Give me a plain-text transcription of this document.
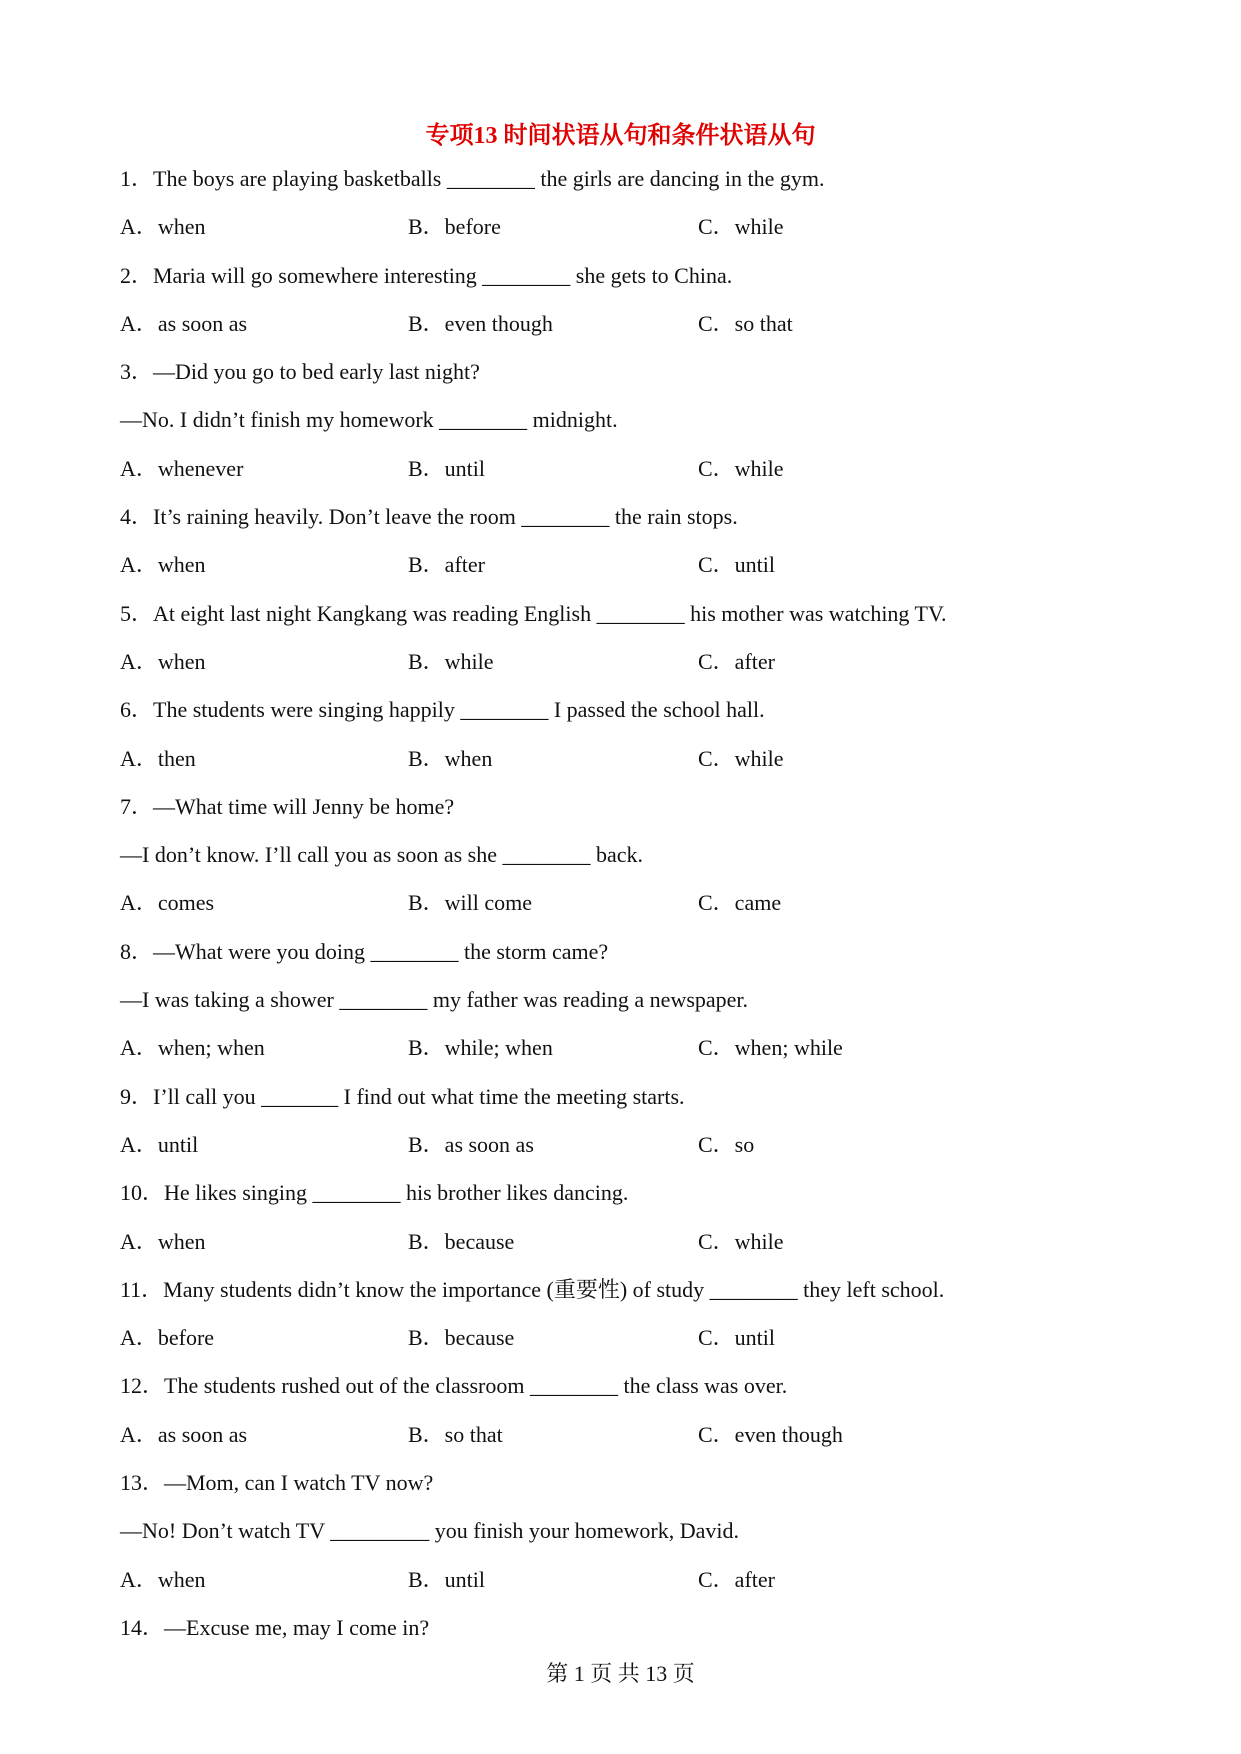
专项13 时间状语从句和条件状语从句
1．The boys are playing basketballs ________ the girls are dancing in the gym.
A．when	B．before	C．while
2．Maria will go somewhere interesting ________ she gets to China.
A．as soon as	B．even though	C．so that
3．—Did you go to bed early last night?
—No. I didn’t finish my homework ________ midnight.
A．whenever	B．until	C．while
4．It’s raining heavily. Don’t leave the room ________ the rain stops.
A．when	B．after	C．until
5．At eight last night Kangkang was reading English ________ his mother was watching TV.
A．when	B．while	C．after
6．The students were singing happily ________ I passed the school hall.
A．then	B．when	C．while
7．—What time will Jenny be home?
—I don’t know. I’ll call you as soon as she ________ back.
A．comes	B．will come	C．came
8．—What were you doing ________ the storm came?
—I was taking a shower ________ my father was reading a newspaper.
A．when; when	B．while; when	C．when; while
9．I’ll call you _______ I find out what time the meeting starts.
A．until	B．as soon as	C．so
10．He likes singing ________ his brother likes dancing.
A．when	B．because	C．while
11．Many students didn’t know the importance (重要性) of study ________ they left school.
A．before	B．because	C．until
12．The students rushed out of the classroom ________ the class was over.
A．as soon as	B．so that	C．even though
13．—Mom, can I watch TV now?
—No! Don’t watch TV _________ you finish your homework, David.
A．when	B．until	C．after
14．—Excuse me, may I come in?
第 1 页 共 13 页
